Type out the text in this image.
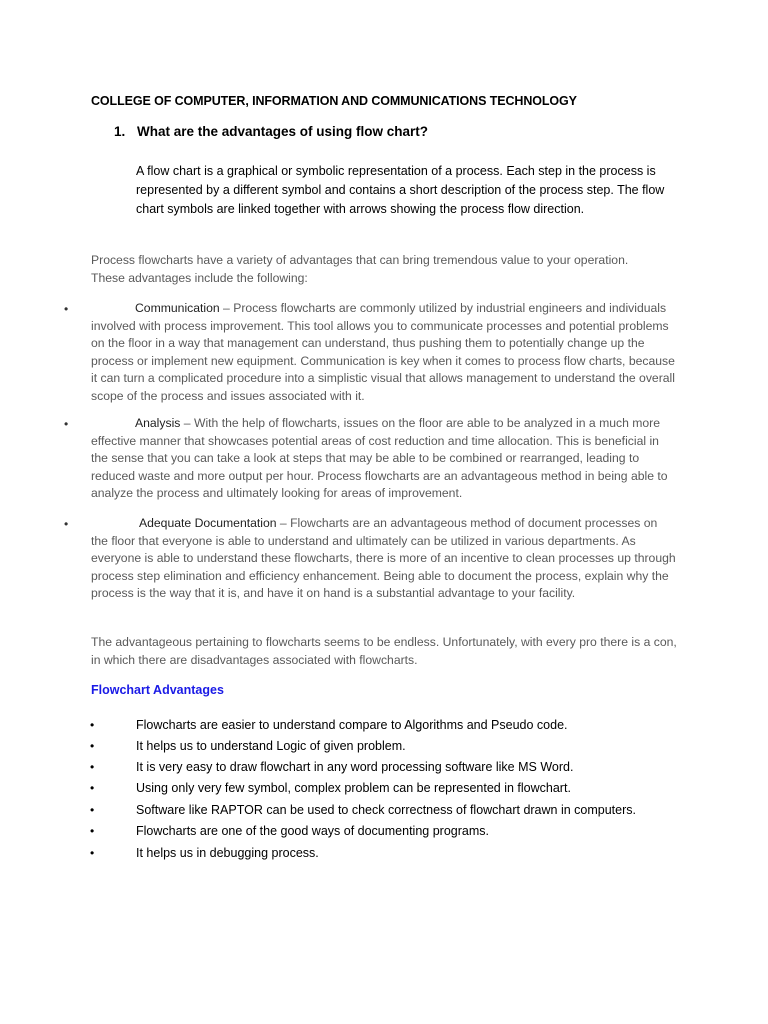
COLLEGE OF COMPUTER, INFORMATION AND COMMUNICATIONS TECHNOLOGY
1. What are the advantages of using flow chart?
A flow chart is a graphical or symbolic representation of a process. Each step in the process is represented by a different symbol and contains a short description of the process step. The flow chart symbols are linked together with arrows showing the process flow direction.
Process flowcharts have a variety of advantages that can bring tremendous value to your operation. These advantages include the following:
•	Communication – Process flowcharts are commonly utilized by industrial engineers and individuals involved with process improvement. This tool allows you to communicate processes and potential problems on the floor in a way that management can understand, thus pushing them to potentially change up the process or implement new equipment. Communication is key when it comes to process flow charts, because it can turn a complicated procedure into a simplistic visual that allows management to understand the overall scope of the process and issues associated with it.
•	Analysis – With the help of flowcharts, issues on the floor are able to be analyzed in a much more effective manner that showcases potential areas of cost reduction and time allocation. This is beneficial in the sense that you can take a look at steps that may be able to be combined or rearranged, leading to reduced waste and more output per hour. Process flowcharts are an advantageous method in being able to analyze the process and ultimately looking for areas of improvement.
•	Adequate Documentation – Flowcharts are an advantageous method of document processes on the floor that everyone is able to understand and ultimately can be utilized in various departments. As everyone is able to understand these flowcharts, there is more of an incentive to clean processes up through process step elimination and efficiency enhancement. Being able to document the process, explain why the process is the way that it is, and have it on hand is a substantial advantage to your facility.
The advantageous pertaining to flowcharts seems to be endless. Unfortunately, with every pro there is a con, in which there are disadvantages associated with flowcharts.
Flowchart Advantages
•	Flowcharts are easier to understand compare to Algorithms and Pseudo code.
•	It helps us to understand Logic of given problem.
•	It is very easy to draw flowchart in any word processing software like MS Word.
•	Using only very few symbol, complex problem can be represented in flowchart.
•	Software like RAPTOR can be used to check correctness of flowchart drawn in computers.
•	Flowcharts are one of the good ways of documenting programs.
•	It helps us in debugging process.
